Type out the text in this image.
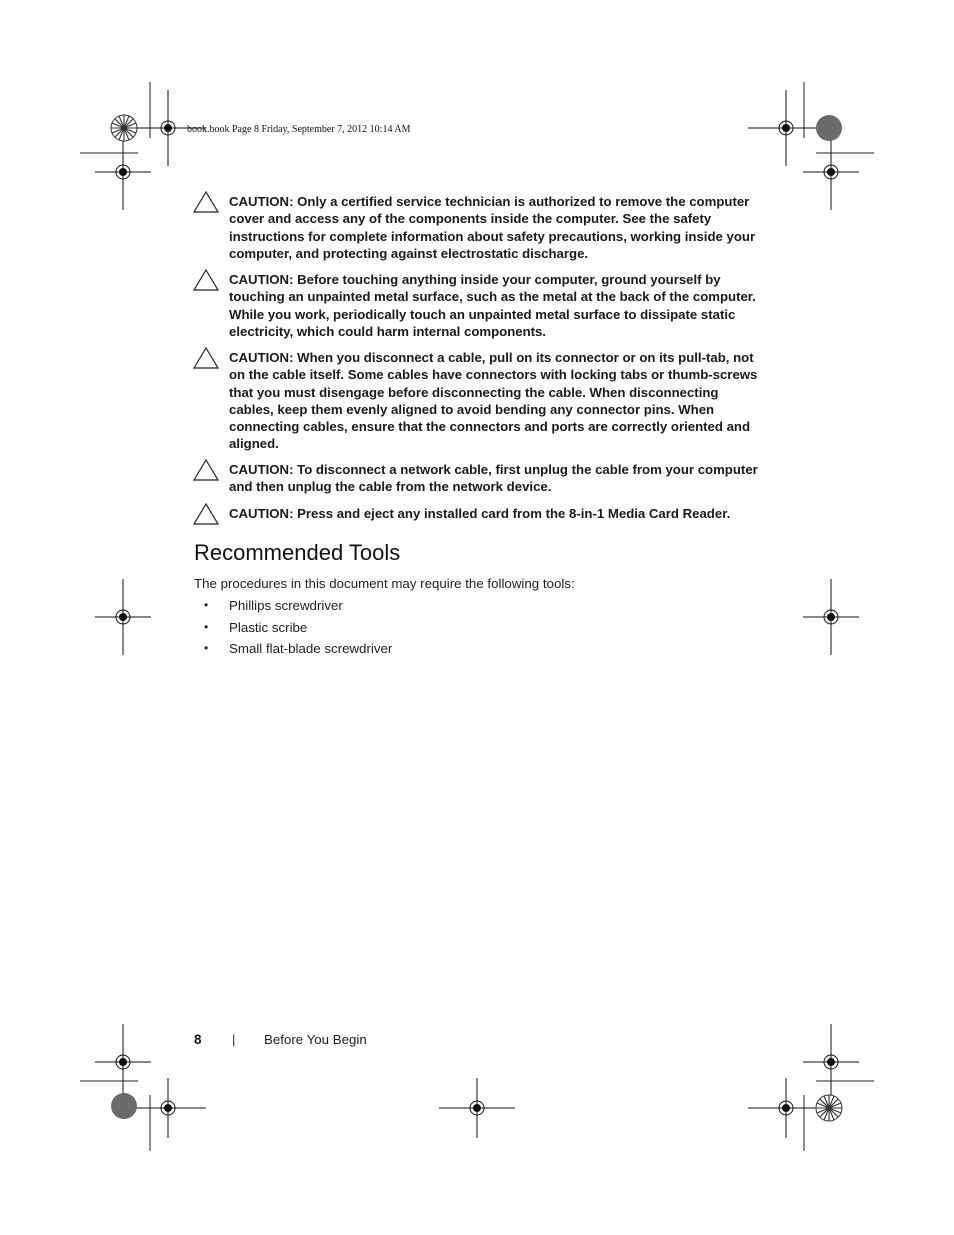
book.book Page 8 Friday, September 7, 2012 10:14 AM
CAUTION: Only a certified service technician is authorized to remove the computer cover and access any of the components inside the computer. See the safety instructions for complete information about safety precautions, working inside your computer, and protecting against electrostatic discharge.
CAUTION: Before touching anything inside your computer, ground yourself by touching an unpainted metal surface, such as the metal at the back of the computer. While you work, periodically touch an unpainted metal surface to dissipate static electricity, which could harm internal components.
CAUTION: When you disconnect a cable, pull on its connector or on its pull-tab, not on the cable itself. Some cables have connectors with locking tabs or thumb-screws that you must disengage before disconnecting the cable. When disconnecting cables, keep them evenly aligned to avoid bending any connector pins. When connecting cables, ensure that the connectors and ports are correctly oriented and aligned.
CAUTION: To disconnect a network cable, first unplug the cable from your computer and then unplug the cable from the network device.
CAUTION: Press and eject any installed card from the 8-in-1 Media Card Reader.
Recommended Tools

The procedures in this document may require the following tools:

• Phillips screwdriver
• Plastic scribe
• Small flat-blade screwdriver
8 | Before You Begin
